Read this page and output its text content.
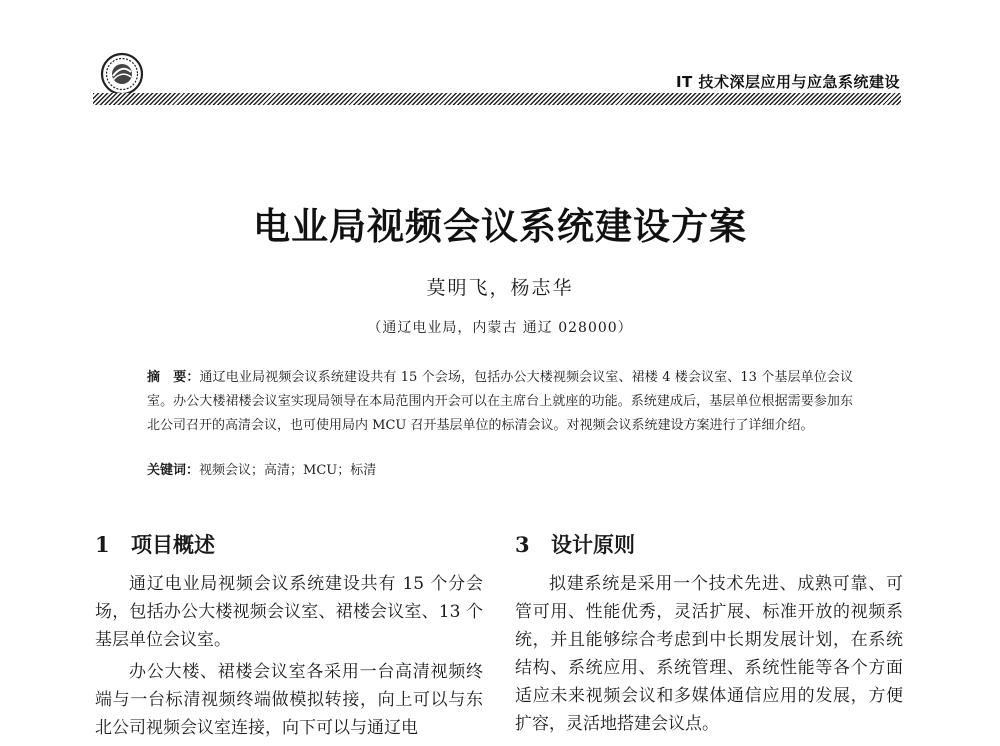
IT 技术深层应用与应急系统建设
电业局视频会议系统建设方案
莫明飞，杨志华
（通辽电业局，内蒙古 通辽 028000）
摘　要：通辽电业局视频会议系统建设共有 15 个会场，包括办公大楼视频会议室、裙楼 4 楼会议室、13 个基层单位会议室。办公大楼裙楼会议室实现局领导在本局范围内开会可以在主席台上就座的功能。系统建成后，基层单位根据需要参加东北公司召开的高清会议，也可使用局内 MCU 召开基层单位的标清会议。对视频会议系统建设方案进行了详细介绍。
关键词：视频会议；高清；MCU；标清
1 项目概述

通辽电业局视频会议系统建设共有 15 个分会场，包括办公大楼视频会议室、裙楼会议室、13 个基层单位会议室。

办公大楼、裙楼会议室各采用一台高清视频终端与一台标清视频终端做模拟转接，向上可以与东北公司视频会议室连接，向下可以与通辽电

3 设计原则

拟建系统是采用一个技术先进、成熟可靠、可管可用、性能优秀，灵活扩展、标准开放的视频系统，并且能够综合考虑到中长期发展计划，在系统结构、系统应用、系统管理、系统性能等各个方面适应未来视频会议和多媒体通信应用的发展，方便扩容，灵活地搭建会议点。
